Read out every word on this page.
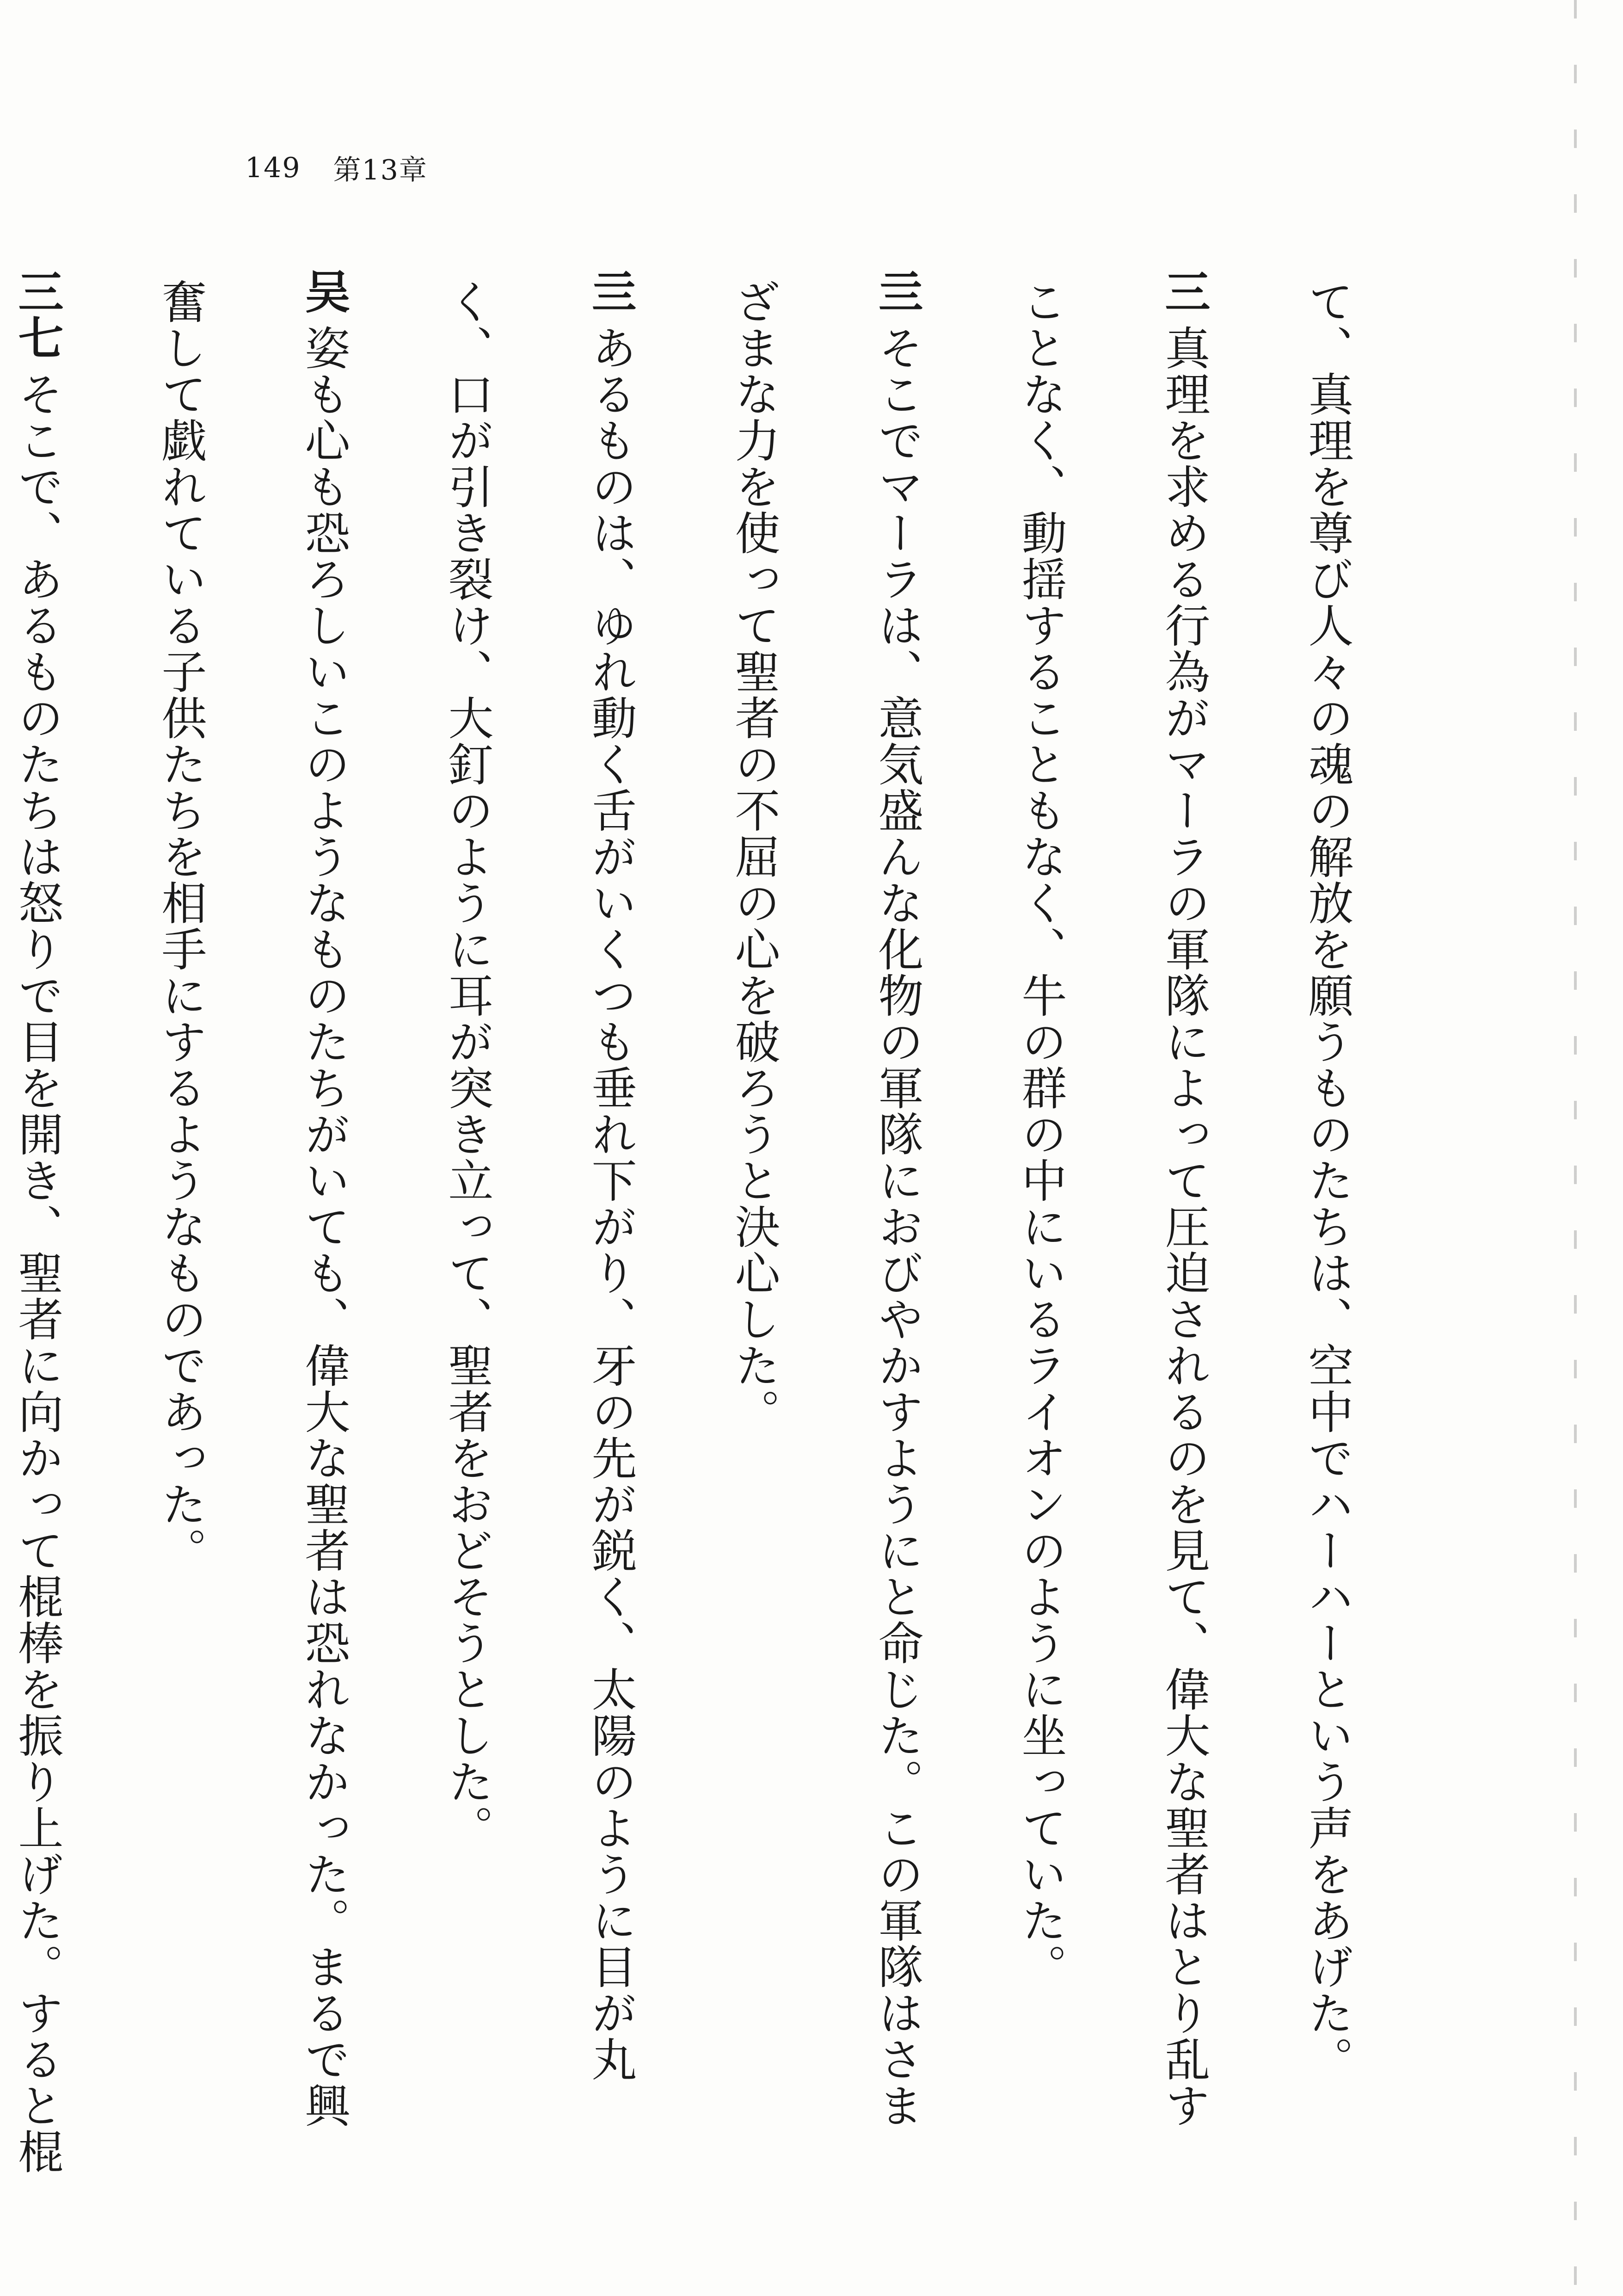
149 第13章
て、真理を尊び人々の魂の解放を願うものたちは、空中でハーハーという声をあげた。
三真理を求める行為がマーラの軍隊によって圧迫されるのを見て、偉大な聖者はとり乱す
ことなく、動揺することもなく、牛の群の中にいるライオンのように坐っていた。
亖そこでマーラは、意気盛んな化物の軍隊におびやかすようにと命じた。この軍隊はさま
ざまな力を使って聖者の不屈の心を破ろうと決心した。
亖あるものは、ゆれ動く舌がいくつも垂れ下がり、牙の先が鋭く、太陽のように目が丸
く、口が引き裂け、大釘のように耳が突き立って、聖者をおどそうとした。
吴姿も心も恐ろしいこのようなものたちがいても、偉大な聖者は恐れなかった。まるで興
奮して戯れている子供たちを相手にするようなものであった。
三七そこで、あるものたちは怒りで目を開き、聖者に向かって棍棒を振り上げた。すると棍
